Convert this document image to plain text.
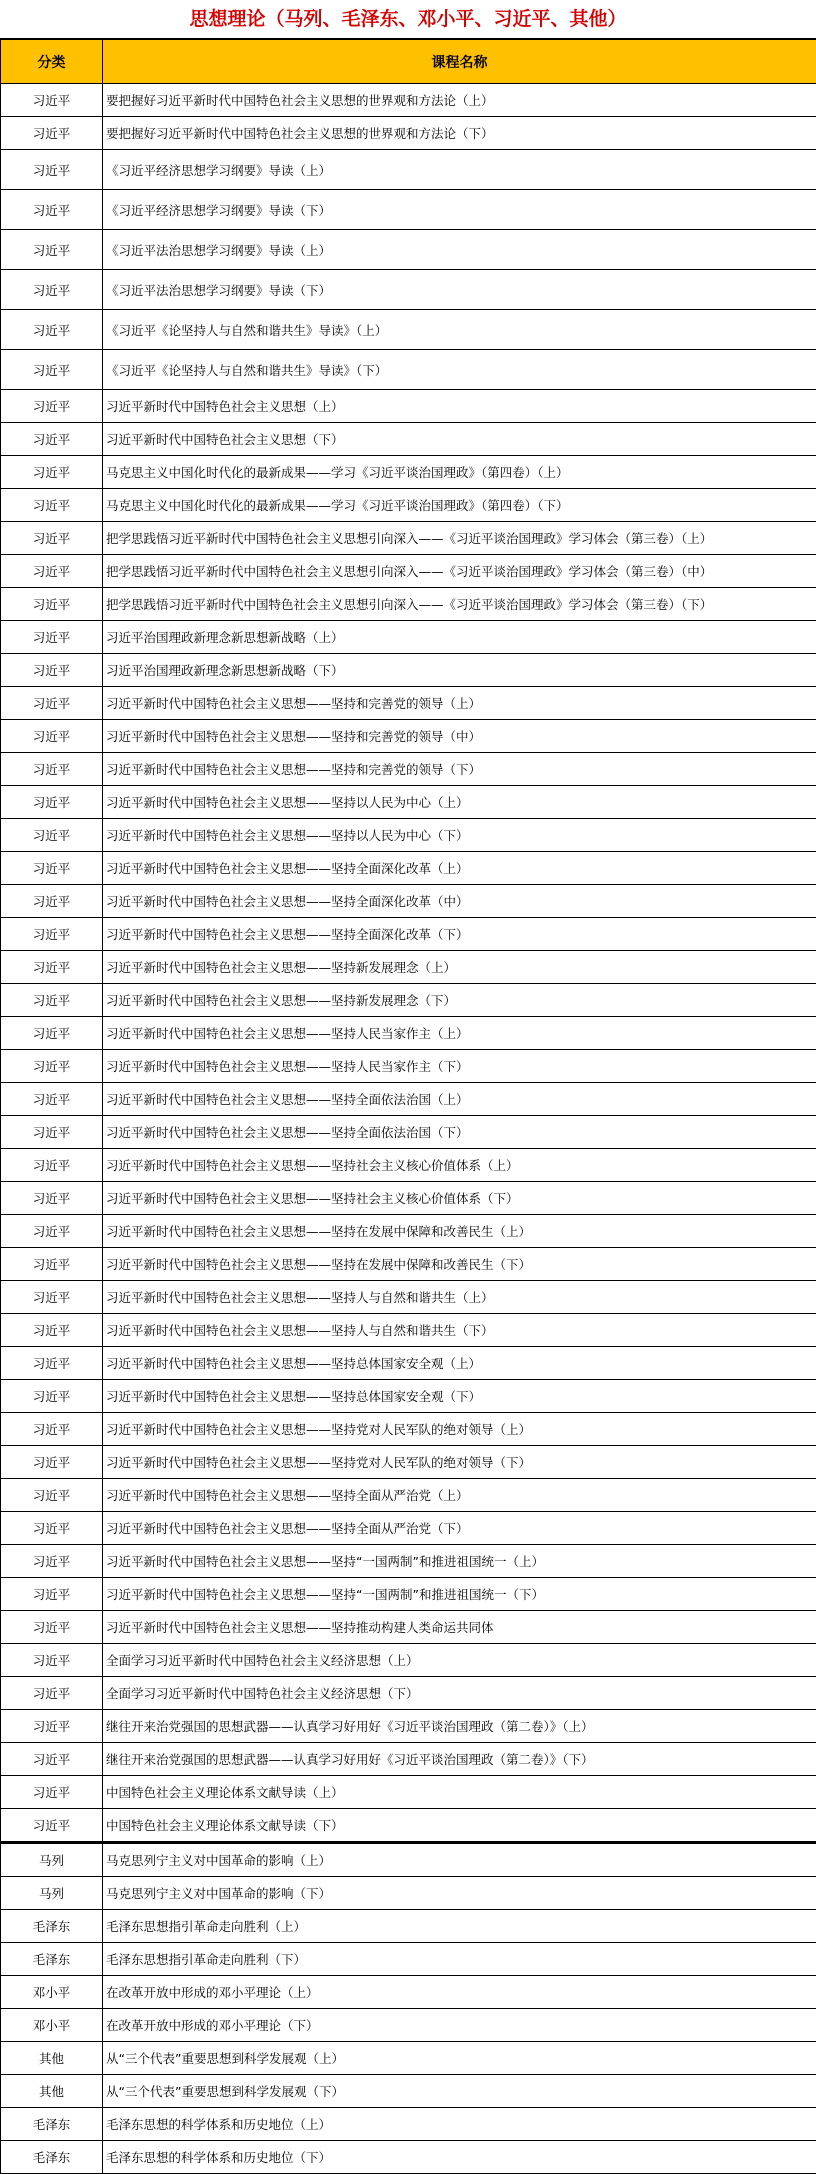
思想理论（马列、毛泽东、邓小平、习近平、其他）
分类	课程名称
习近平	要把握好习近平新时代中国特色社会主义思想的世界观和方法论（上）
习近平	要把握好习近平新时代中国特色社会主义思想的世界观和方法论（下）
习近平	《习近平经济思想学习纲要》导读（上）
习近平	《习近平经济思想学习纲要》导读（下）
习近平	《习近平法治思想学习纲要》导读（上）
习近平	《习近平法治思想学习纲要》导读（下）
习近平	《习近平《论坚持人与自然和谐共生》导读》（上）
习近平	《习近平《论坚持人与自然和谐共生》导读》（下）
习近平	习近平新时代中国特色社会主义思想（上）
习近平	习近平新时代中国特色社会主义思想（下）
习近平	马克思主义中国化时代化的最新成果——学习《习近平谈治国理政》（第四卷）（上）
习近平	马克思主义中国化时代化的最新成果——学习《习近平谈治国理政》（第四卷）（下）
习近平	把学思践悟习近平新时代中国特色社会主义思想引向深入——《习近平谈治国理政》学习体会（第三卷）（上）
习近平	把学思践悟习近平新时代中国特色社会主义思想引向深入——《习近平谈治国理政》学习体会（第三卷）（中）
习近平	把学思践悟习近平新时代中国特色社会主义思想引向深入——《习近平谈治国理政》学习体会（第三卷）（下）
习近平	习近平治国理政新理念新思想新战略（上）
习近平	习近平治国理政新理念新思想新战略（下）
习近平	习近平新时代中国特色社会主义思想——坚持和完善党的领导（上）
习近平	习近平新时代中国特色社会主义思想——坚持和完善党的领导（中）
习近平	习近平新时代中国特色社会主义思想——坚持和完善党的领导（下）
习近平	习近平新时代中国特色社会主义思想——坚持以人民为中心（上）
习近平	习近平新时代中国特色社会主义思想——坚持以人民为中心（下）
习近平	习近平新时代中国特色社会主义思想——坚持全面深化改革（上）
习近平	习近平新时代中国特色社会主义思想——坚持全面深化改革（中）
习近平	习近平新时代中国特色社会主义思想——坚持全面深化改革（下）
习近平	习近平新时代中国特色社会主义思想——坚持新发展理念（上）
习近平	习近平新时代中国特色社会主义思想——坚持新发展理念（下）
习近平	习近平新时代中国特色社会主义思想——坚持人民当家作主（上）
习近平	习近平新时代中国特色社会主义思想——坚持人民当家作主（下）
习近平	习近平新时代中国特色社会主义思想——坚持全面依法治国（上）
习近平	习近平新时代中国特色社会主义思想——坚持全面依法治国（下）
习近平	习近平新时代中国特色社会主义思想——坚持社会主义核心价值体系（上）
习近平	习近平新时代中国特色社会主义思想——坚持社会主义核心价值体系（下）
习近平	习近平新时代中国特色社会主义思想——坚持在发展中保障和改善民生（上）
习近平	习近平新时代中国特色社会主义思想——坚持在发展中保障和改善民生（下）
习近平	习近平新时代中国特色社会主义思想——坚持人与自然和谐共生（上）
习近平	习近平新时代中国特色社会主义思想——坚持人与自然和谐共生（下）
习近平	习近平新时代中国特色社会主义思想——坚持总体国家安全观（上）
习近平	习近平新时代中国特色社会主义思想——坚持总体国家安全观（下）
习近平	习近平新时代中国特色社会主义思想——坚持党对人民军队的绝对领导（上）
习近平	习近平新时代中国特色社会主义思想——坚持党对人民军队的绝对领导（下）
习近平	习近平新时代中国特色社会主义思想——坚持全面从严治党（上）
习近平	习近平新时代中国特色社会主义思想——坚持全面从严治党（下）
习近平	习近平新时代中国特色社会主义思想——坚持“一国两制”和推进祖国统一（上）
习近平	习近平新时代中国特色社会主义思想——坚持“一国两制”和推进祖国统一（下）
习近平	习近平新时代中国特色社会主义思想——坚持推动构建人类命运共同体
习近平	全面学习习近平新时代中国特色社会主义经济思想（上）
习近平	全面学习习近平新时代中国特色社会主义经济思想（下）
习近平	继往开来治党强国的思想武器——认真学习好用好《习近平谈治国理政（第二卷）》（上）
习近平	继往开来治党强国的思想武器——认真学习好用好《习近平谈治国理政（第二卷）》（下）
习近平	中国特色社会主义理论体系文献导读（上）
习近平	中国特色社会主义理论体系文献导读（下）
马列	马克思列宁主义对中国革命的影响（上）
马列	马克思列宁主义对中国革命的影响（下）
毛泽东	毛泽东思想指引革命走向胜利（上）
毛泽东	毛泽东思想指引革命走向胜利（下）
邓小平	在改革开放中形成的邓小平理论（上）
邓小平	在改革开放中形成的邓小平理论（下）
其他	从“三个代表”重要思想到科学发展观（上）
其他	从“三个代表”重要思想到科学发展观（下）
毛泽东	毛泽东思想的科学体系和历史地位（上）
毛泽东	毛泽东思想的科学体系和历史地位（下）
